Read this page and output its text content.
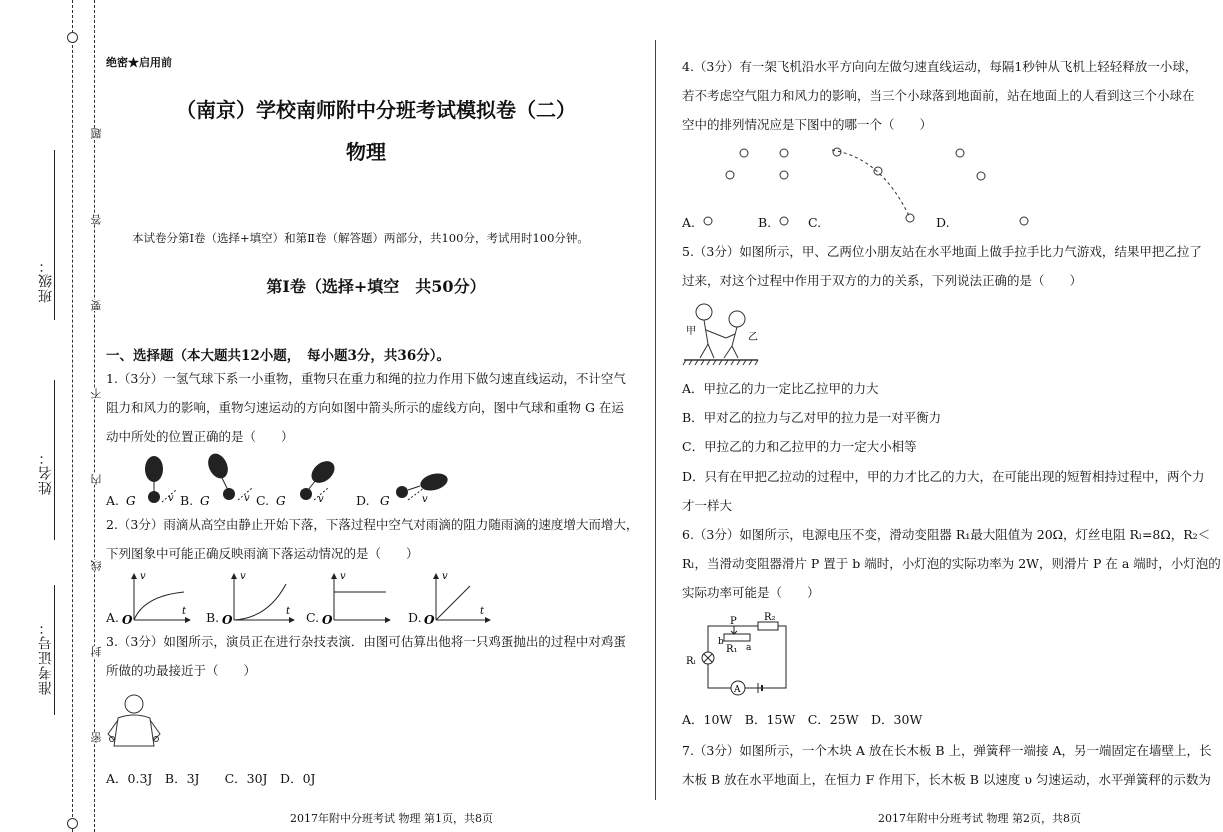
题
答
要
不
内
线
封
密
班级：
姓名：
准考证号：
绝密★启用前
（南京）学校南师附中分班考试模拟卷（二）
物理
本试卷分第Ⅰ卷（选择+填空）和第Ⅱ卷（解答题）两部分，共100分，考试用时100分钟。
第Ⅰ卷（选择+填空　共50分）
一、选择题（本大题共12小题，　每小题3分，共36分）。
1.（3分）一氢气球下系一小重物，重物只在重力和绳的拉力作用下做匀速直线运动，不计空气
阻力和风力的影响，重物匀速运动的方向如图中箭头所示的虚线方向，图中气球和重物 G 在运
动中所处的位置正确的是（　　）
A.	B.	C.	D.
G	v G	v G	v	G	v
2.（3分）雨滴从高空由静止开始下落，下落过程中空气对雨滴的阻力随雨滴的速度增大而增大，
下列图象中可能正确反映雨滴下落运动情况的是（　　）
A.	B.	C.	D.
O
v
t
O
v
t
O
v
O
v
t
3.（3分）如图所示，演员正在进行杂技表演．由图可估算出他将一只鸡蛋抛出的过程中对鸡蛋
所做的功最接近于（　　）
A．0.3J　B．3J　　C．30J　D．0J
2017年附中分班考试 物理 第1页，共8页
4.（3分）有一架飞机沿水平方向向左做匀速直线运动，每隔1秒钟从飞机上轻轻释放一小球，
若不考虑空气阻力和风力的影响，当三个小球落到地面前，站在地面上的人看到这三个小球在
空中的排列情况应是下图中的哪一个（　　）
A.	B.	C.	D.
5.（3分）如图所示，甲、乙两位小朋友站在水平地面上做手拉手比力气游戏，结果甲把乙拉了
过来，对这个过程中作用于双方的力的关系，下列说法正确的是（　　）
甲
乙
A．甲拉乙的力一定比乙拉甲的力大
B．甲对乙的拉力与乙对甲的拉力是一对平衡力
C．甲拉乙的力和乙拉甲的力一定大小相等
D．只有在甲把乙拉动的过程中，甲的力才比乙的力大，在可能出现的短暂相持过程中，两个力
才一样大
6.（3分）如图所示，电源电压不变，滑动变阻器 R₁最大阻值为 20Ω，灯丝电阻 Rₗ=8Ω，R₂＜
Rₗ，当滑动变阻器滑片 P 置于 b 端时，小灯泡的实际功率为 2W，则滑片 P 在 a 端时，小灯泡的
实际功率可能是（　　）
P	R₂
R₁
Rₗ
a
b
A
A．10W　B．15W　C．25W　D．30W
7.（3分）如图所示，一个木块 A 放在长木板 B 上，弹簧秤一端接 A，另一端固定在墙壁上，长
木板 B 放在水平地面上，在恒力 F 作用下，长木板 B 以速度 υ 匀速运动，水平弹簧秤的示数为
2017年附中分班考试 物理 第2页，共8页
